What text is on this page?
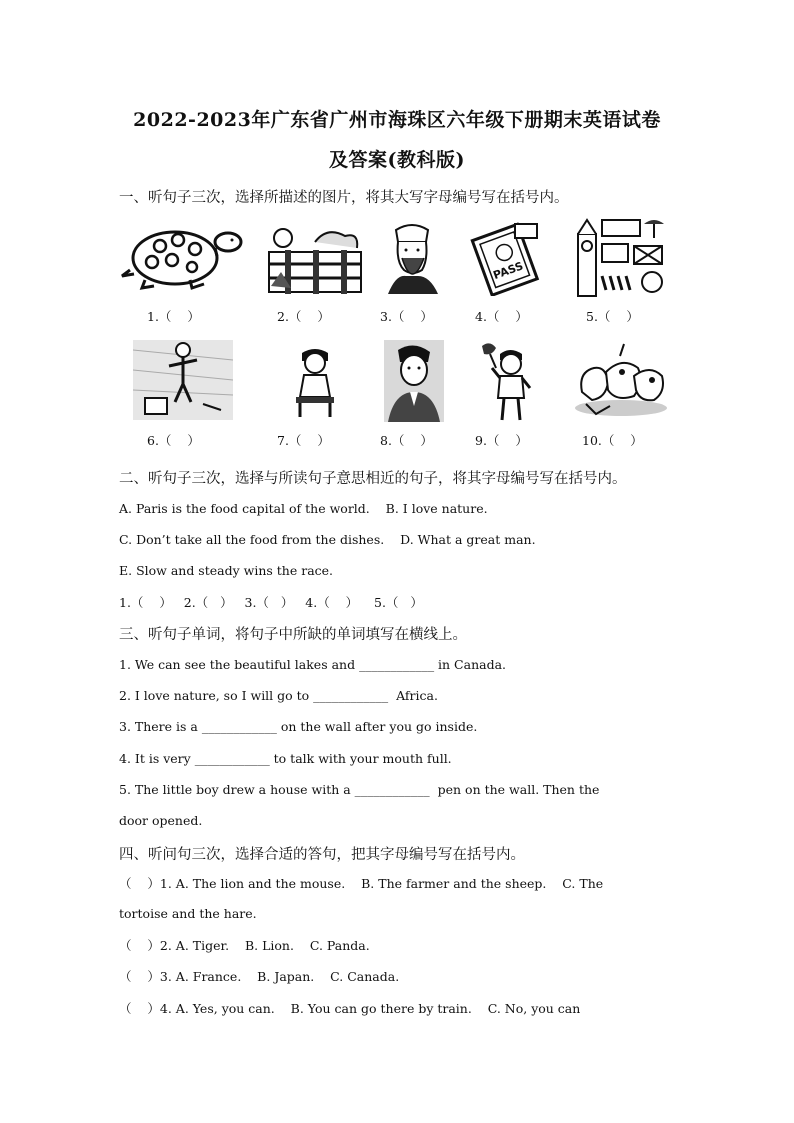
2022-2023年广东省广州市海珠区六年级下册期末英语试卷
及答案(教科版)
一、听句子三次，选择所描述的图片，将其大写字母编号写在括号内。
PASS
1.（    ）	2.（    ）	3.（    ）	4.（    ）	5.（    ）
6.（    ）	7.（    ）	8.（    ）	9.（    ）	10.（    ）
二、听句子三次，选择与所读句子意思相近的句子，将其字母编号写在括号内。
A. Paris is the food capital of the world.    B. I love nature.
C. Don’t take all the food from the dishes.    D. What a great man.
E. Slow and steady wins the race.
1.（    ）   2.（   ）   3.（   ）   4.（    ）    5.（   ）
三、听句子单词，将句子中所缺的单词填写在横线上。
1. We can see the beautiful lakes and ____________ in Canada.
2. I love nature, so I will go to ____________  Africa.
3. There is a ____________ on the wall after you go inside.
4. It is very ____________ to talk with your mouth full.
5. The little boy drew a house with a ____________  pen on the wall. Then the
door opened.
四、听问句三次，选择合适的答句，把其字母编号写在括号内。
（    ）1. A. The lion and the mouse.    B. The farmer and the sheep.    C. The
tortoise and the hare.
（    ）2. A. Tiger.    B. Lion.    C. Panda.
（    ）3. A. France.    B. Japan.    C. Canada.
（    ）4. A. Yes, you can.    B. You can go there by train.    C. No, you can
